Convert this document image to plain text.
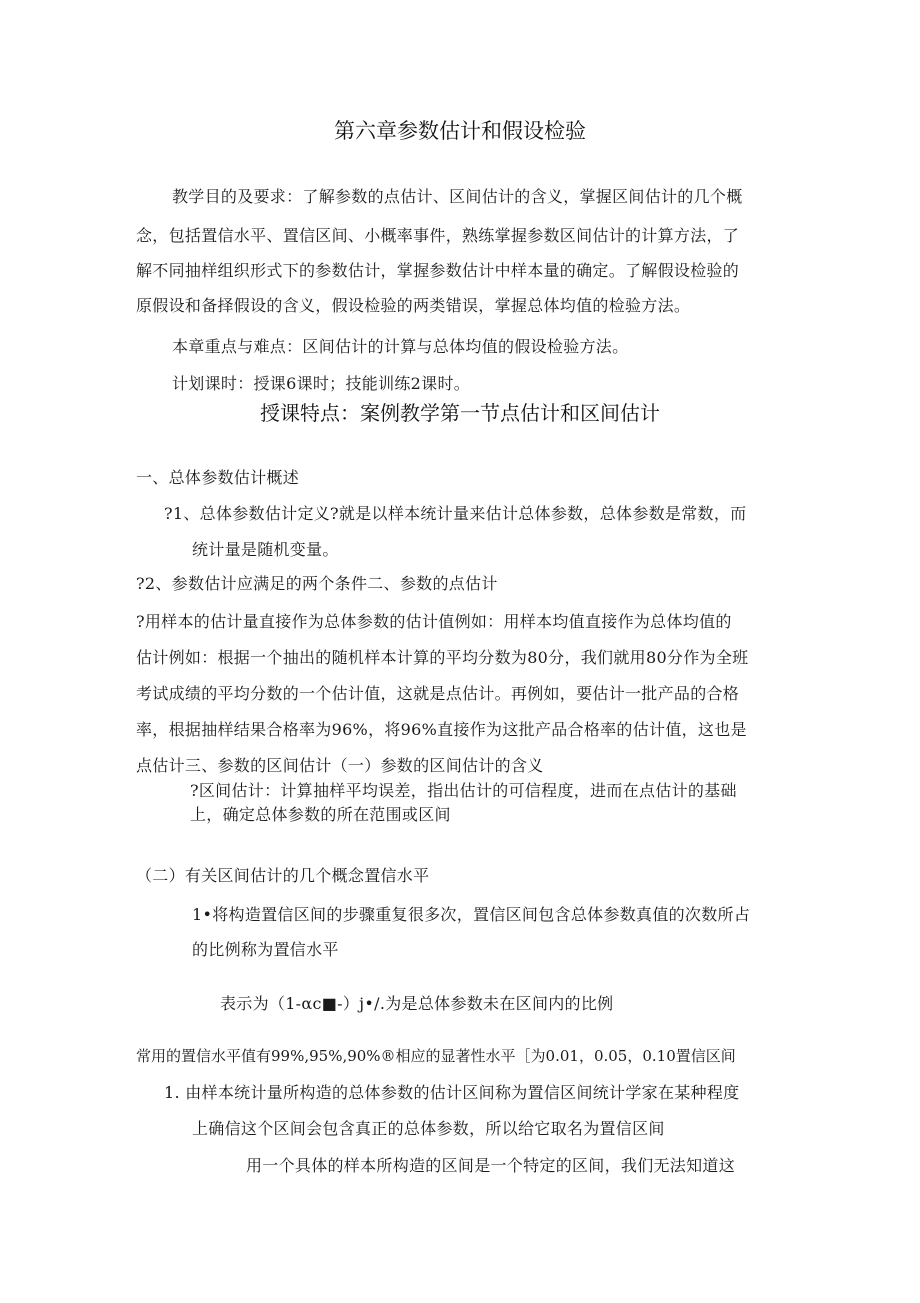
第六章参数估计和假设检验
教学目的及要求：了解参数的点估计、区间估计的含义，掌握区间估计的几个概
念，包括置信水平、置信区间、小概率事件，熟练掌握参数区间估计的计算方法，了
解不同抽样组织形式下的参数估计，掌握参数估计中样本量的确定。了解假设检验的
原假设和备择假设的含义，假设检验的两类错误，掌握总体均值的检验方法。
本章重点与难点：区间估计的计算与总体均值的假设检验方法。
计划课时：授课6课时；技能训练2课时。
授课特点：案例教学第一节点估计和区间估计
一、总体参数估计概述
?1、总体参数估计定义?就是以样本统计量来估计总体参数，总体参数是常数，而
统计量是随机变量。
?2、参数估计应满足的两个条件二、参数的点估计
?用样本的估计量直接作为总体参数的估计值例如：用样本均值直接作为总体均值的
估计例如：根据一个抽出的随机样本计算的平均分数为80分，我们就用80分作为全班
考试成绩的平均分数的一个估计值，这就是点估计。再例如，要估计一批产品的合格
率，根据抽样结果合格率为96%，将96%直接作为这批产品合格率的估计值，这也是
点估计三、参数的区间估计（一）参数的区间估计的含义
?区间估计：计算抽样平均误差，指出估计的可信程度，进而在点估计的基础
上，确定总体参数的所在范围或区间
（二）有关区间估计的几个概念置信水平
1•将构造置信区间的步骤重复很多次，置信区间包含总体参数真值的次数所占
的比例称为置信水平
表示为（1-αc■-）j•/.为是总体参数未在区间内的比例
常用的置信水平值有99%,95%,90%®相应的显著性水平［为0.01，0.05，0.10置信区间
1. 由样本统计量所构造的总体参数的估计区间称为置信区间统计学家在某种程度
上确信这个区间会包含真正的总体参数，所以给它取名为置信区间
用一个具体的样本所构造的区间是一个特定的区间，我们无法知道这
